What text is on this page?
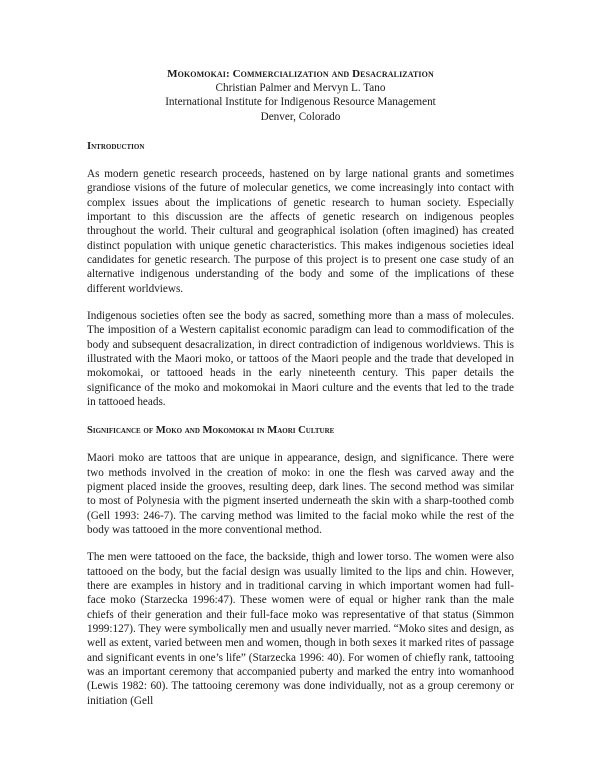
Mokomokai: Commercialization and Desacralization
Christian Palmer and Mervyn L. Tano
International Institute for Indigenous Resource Management
Denver, Colorado
Introduction

As modern genetic research proceeds, hastened on by large national grants and sometimes grandiose visions of the future of molecular genetics, we come increasingly into contact with complex issues about the implications of genetic research to human society. Especially important to this discussion are the affects of genetic research on indigenous peoples throughout the world. Their cultural and geographical isolation (often imagined) has created distinct population with unique genetic characteristics. This makes indigenous societies ideal candidates for genetic research. The purpose of this project is to present one case study of an alternative indigenous understanding of the body and some of the implications of these different worldviews.

Indigenous societies often see the body as sacred, something more than a mass of molecules. The imposition of a Western capitalist economic paradigm can lead to commodification of the body and subsequent desacralization, in direct contradiction of indigenous worldviews. This is illustrated with the Maori moko, or tattoos of the Maori people and the trade that developed in mokomokai, or tattooed heads in the early nineteenth century. This paper details the significance of the moko and mokomokai in Maori culture and the events that led to the trade in tattooed heads.

Significance of Moko and Mokomokai in Maori Culture

Maori moko are tattoos that are unique in appearance, design, and significance. There were two methods involved in the creation of moko: in one the flesh was carved away and the pigment placed inside the grooves, resulting deep, dark lines. The second method was similar to most of Polynesia with the pigment inserted underneath the skin with a sharp-toothed comb (Gell 1993: 246-7). The carving method was limited to the facial moko while the rest of the body was tattooed in the more conventional method.

The men were tattooed on the face, the backside, thigh and lower torso. The women were also tattooed on the body, but the facial design was usually limited to the lips and chin. However, there are examples in history and in traditional carving in which important women had full-face moko (Starzecka 1996:47). These women were of equal or higher rank than the male chiefs of their generation and their full-face moko was representative of that status (Simmon 1999:127). They were symbolically men and usually never married. “Moko sites and design, as well as extent, varied between men and women, though in both sexes it marked rites of passage and significant events in one’s life” (Starzecka 1996: 40). For women of chiefly rank, tattooing was an important ceremony that accompanied puberty and marked the entry into womanhood (Lewis 1982: 60). The tattooing ceremony was done individually, not as a group ceremony or initiation (Gell
